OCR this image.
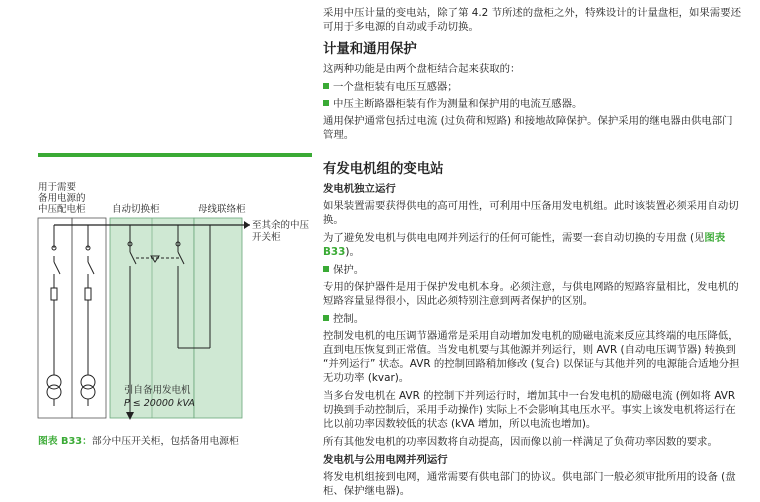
采用中压计量的变电站，除了第 4.2 节所述的盘柜之外，特殊设计的计量盘柜，如果需要还可用于多电源的自动或手动切换。

计量和通用保护

这两种功能是由两个盘柜结合起来获取的：

一个盘柜装有电压互感器；
中压主断路器柜装有作为测量和保护用的电流互感器。

通用保护通常包括过电流 (过负荷和短路) 和接地故障保护。保护采用的继电器由供电部门管理。

有发电机组的变电站
发电机独立运行

如果装置需要获得供电的高可用性，可利用中压备用发电机组。此时该装置必须采用自动切换。

为了避免发电机与供电电网并列运行的任何可能性，需要一套自动切换的专用盘 (见图表 B33)。

保护。

专用的保护器件是用于保护发电机本身。必须注意，与供电网路的短路容量相比，发电机的短路容量显得很小，因此必须特别注意到两者保护的区别。

控制。

控制发电机的电压调节器通常是采用自动增加发电机的励磁电流来反应其终端的电压降低，直到电压恢复到正常值。当发电机要与其他源并列运行，则 AVR (自动电压调节器) 转换到 “并列运行” 状态。AVR 的控制回路稍加修改 (复合) 以保证与其他并列的电源能合适地分担无功功率 (kvar)。

当多台发电机在 AVR 的控制下并列运行时，增加其中一台发电机的励磁电流 (例如将 AVR 切换到手动控制后，采用手动操作) 实际上不会影响其电压水平。事实上该发电机将运行在比以前功率因数较低的状态 (kVA 增加，所以电流也增加)。

所有其他发电机的功率因数将自动提高，因而像以前一样满足了负荷功率因数的要求。

发电机与公用电网并列运行

将发电机组接到电网，通常需要有供电部门的协议。供电部门一般必须审批所用的设备 (盘柜、保护继电器)。

用于需要
备用电源的
中压配电柜	自动切换柜	母线联络柜
至其余的中压
开关柜
引自备用发电机
P ≤ 20000 kVA
图表 B33：部分中压开关柜，包括备用电源柜
